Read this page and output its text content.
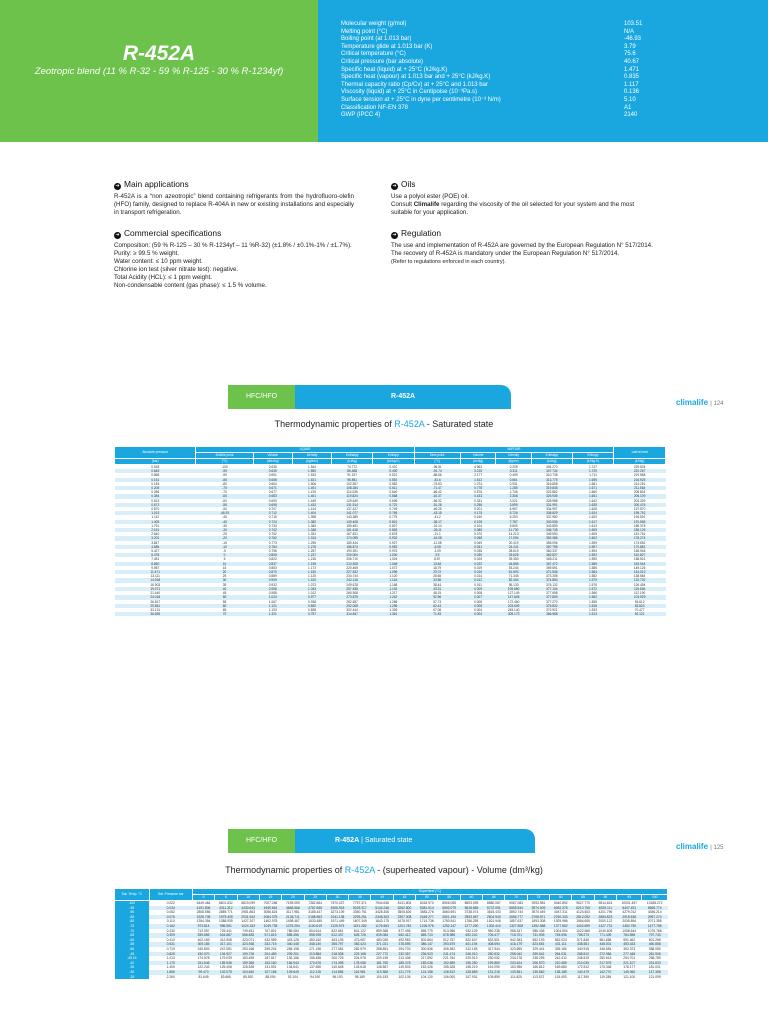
R-452A
Zeotropic blend (11 % R-32 - 59 % R-125 - 30 % R-1234yf)
Molecular weight (g/mol)	103.51
Melting point (°C)	N/A
Boiling point (at 1.013 bar)	-46.93
Temperature glide at 1.013 bar (K)	3.79
Critical temperature (°C)	75.6
Critical pressure (bar absolute)	40.67
Specific heat (liquid) at + 25°C (kJ/kg.K)	1.471
Specific heat (vapour) at 1.013 bar and + 25°C (kJ/kg.K)	0.835
Thermal capacity ratio (Cp/Cv) at + 25°C and 1.013 bar	1.117
Viscosity (liquid) at + 25°C in Centipoise (10⁻³Pa.s)	0.136
Surface tension at + 25°C in dyne per centimetre (10⁻³ N/m)	5.10
Classification NF-EN 378	A1
GWP (IPCC 4)	2140
➜ Main applications

R-452A is a “non azeotropic” blend containing refrigerants from the hydrofluoro-olefin (HFO) family, designed to replace R-404A in new or existing installations and especially in transport refrigeration.

➜ Commercial specifications

Composition: (59 % R-125 – 30 % R-1234yf – 11 %R-32) (±1.8% / ±0.1%-1% / ±1.7%).

Purity: ≥ 99.5 % weight.

Water content: ≤ 10 ppm weight.

Chlorine ion test (silver nitrate test): negative.

Total Acidity (HCL): ≤ 1 ppm weight.

Non-condensable content (gas phase): ≤ 1.5 % volume.

➜ Oils

Use a polyol ester (POE) oil.

Consult Climalife regarding the viscosity of the oil selected for your system and the most suitable for your application.

➜ Regulation

The use and implementation of R-452A are governed by the European Regulation N° 517/2014.

The recovery of R-452A is mandatory under the European Regulation N° 517/2014.

(Refer to regulations enforced in each country).

HFC/HFO	R-452A
climalife | 124
Thermodynamic properties of R-452A - Saturated state
Absolute pressure	LIQUID					VAPOUR					Latent heat
	Bubble point	Volume	Density	Enthalpy	Entropy	Dew point	Volume	Density	Enthalpy	Entropy	
(bar)	(°C)	(dm³/kg)	(kg/dm³)	(kJ/kg)	(kJ/kg.K)	(°C)	(m³/kg)	(kg/m³)	(kJ/kg)	(kJ/kg.K)	(kJ/kg)
0.528	-100	0.636	1.544	74.772	0.437	-96.81	4.962	0.205	304.270	1.747	229.504
0.645	-95	0.645	1.550	85.468	0.490	-91.74	3.215	0.311	307.734	1.729	222.267
0.868	-90	0.651	1.533	91.157	0.521	-86.66	2.177	0.459	310.738	1.711	219.568
0.161	-85	0.658	1.521	96.851	0.552	-81.6	1.512	0.661	313.775	1.695	216.925
0.145	-80	0.664	1.506	102.557	0.582	-76.53	1.074	0.931	316.808	1.681	214.251
0.205	-75	0.671	1.491	108.284	0.611	-71.47	0.778	1.285	319.845	1.671	211.564
0.286	-70	0.677	1.476	114.036	0.640	-66.42	0.576	1.736	322.862	1.660	208.804
0.384	-65	0.683	1.461	119.824	0.668	-61.37	0.433	2.308	325.935	1.651	206.109
0.513	-60	0.690	1.449	125.649	0.696	-56.32	0.331	3.021	328.988	1.642	203.339
0.672	-55	0.698	1.433	131.514	0.722	-51.28	0.256	3.899	331.991	1.635	200.476
0.870	-50	0.707	1.414	137.427	0.749	-46.25	0.201	4.967	334.997	1.626	197.570
1.013	-46.93	0.712	1.404	141.077	0.765	-43.15	0.175	5.726	336.829	1.624	195.752
1.112	-45	0.715	1.398	143.389	0.775	-41.2	0.160	6.253	337.980	1.620	194.591
1.405	-40	0.724	1.382	149.408	0.801	-36.17	0.128	7.787	340.936	1.617	191.556
1.751	-35	0.733	1.365	155.481	0.827	-31.14	0.104	9.600	343.859	1.613	188.378
2.161	-30	0.742	1.348	161.618	0.853	-26.11	0.085	11.730	346.745	1.609	185.126
2.640	-25	0.752	1.331	167.821	0.878	-21.1	0.070	14.213	349.590	1.605	181.761
3.202	-20	0.762	1.313	174.095	0.902	-16.08	0.058	17.094	352.386	1.602	178.274
3.847	-15	0.773	1.295	180.444	0.927	-11.08	0.049	20.419	355.096	1.599	174.652
4.586	-10	0.784	1.276	186.874	0.952	-6.08	0.041	24.241	357.795	1.597	170.881
5.427	-5	0.796	1.257	193.391	0.976	-1.09	0.035	28.619	360.337	1.594	166.946
6.378	0	0.808	1.237	200.000	1.000	3.9	0.030	33.625	362.827	1.592	162.827
7.451	5	0.822	1.216	206.710	1.024	8.87	0.025	39.350	365.211	1.590	158.501
8.650	10	0.837	1.195	213.528	1.048	13.84	0.022	45.855	367.472	1.589	153.944
9.987	15	0.853	1.173	220.465	1.072	18.79	0.019	53.244	369.591	1.586	149.126
11.471	20	0.870	1.150	227.532	1.096	23.72	0.016	61.693	371.545	1.584	144.013
13.111	25	0.889	1.125	234.744	1.120	28.65	0.014	71.345	373.308	1.582	138.564
14.918	30	0.909	1.100	242.118	1.144	33.56	0.012	82.404	374.850	1.579	132.732
16.903	35	0.932	1.073	249.678	1.168	38.44	0.011	95.133	376.132	1.576	126.454
19.071	40	0.958	1.043	257.458	1.192	43.31	0.009	109.880	377.104	1.572	119.646
21.440	45	0.988	1.012	265.508	1.217	48.15	0.008	127.149	377.698	1.566	112.190
24.018	50	1.024	0.977	273.875	1.242	52.96	0.007	147.605	377.805	1.562	103.929
26.817	55	1.067	0.938	282.657	1.268	57.73	0.006	172.460	377.270	1.555	94.612
29.851	60	1.121	0.892	292.008	1.296	62.44	0.005	203.609	375.832	1.546	83.824
33.131	65	1.193	0.838	302.444	1.326	67.06	0.004	245.140	372.921	1.533	70.477
36.659	70	1.321	0.757	314.847	1.361	71.53	0.004	309.173	366.968	1.513	52.121
HFC/HFO	R-452A | Saturated state
climalife | 125
Thermodynamic properties of R-452A - (superheated vapour) - Volume (dm³/kg)
Sat. Temp. °C	Sat. Pressure bar	Superheat (°C)																				
		0	5	10	15	20	25	30	35	40	45	50	55	60	65	70	75	80	85	90	95	100
-100	0.022	6449.464	6601.832	6819.099	7007.266	7195.059	7382.564	7570.027	7757.371	7944.636	8131.804	8318.970	8506.055	8693.095	8880.087	9067.083	9253.981	9440.892	9627.770	9814.624	10001.457	10188.272
-95	0.034	4191.806	4311.312	4430.644	4549.661	4668.566	4787.655	4906.518	5025.317	5144.246	5262.800	5381.514	5500.079	5618.685	5737.091	5855.544	5974.009	6092.375	6210.755	6329.111	6447.451	6565.774
-90	0.052	2808.555	2889.771	2981.863	3056.824	3117.981	3185.447	3273.109	3350.751	3428.308	3505.826	3583.276	3660.691	3738.074	3815.433	3892.744	3970.049	4047.311	4124.503	4201.796	4279.012	4356.214
-85	0.076	1928.705	1979.430	2031.942	2084.375	2136.711	2188.963	2241.138	2293.251	2345.303	2397.308	2449.277	2501.194	2553.087	2604.940	2656.777	2708.571	2760.343	2812.092	2863.823	2915.536	2967.274
-80	0.110	1354.354	1388.939	1427.207	1462.978	1498.467	1533.485	1571.449	1607.349	1643.175	1678.917	1714.736	1750.541	1786.255	1821.948	1857.637	1893.308	1929.966	1964.606	2000.122	2035.894	2071.355
-75	0.162	973.814	996.551	1024.183	1049.735	1075.254	1100.619	1125.973	1151.282	1176.563	1201.781	1226.976	1252.147	1277.290	1302.410	1327.508	1352.588	1377.652	1402.699	1427.731	1452.750	1477.756
-70	0.230	712.057	729.441	749.451	767.801	786.084	804.614	822.661	841.122	859.368	877.495	895.779	913.956	932.109	950.238	968.347	986.436	1004.504	1022.566	1040.609	1058.644	1076.768
-65	0.309	539.856	544.887	558.835	571.815	585.456	598.939	612.337	625.726	639.084	652.412	665.713	678.988	692.242	705.477	718.701	731.905	745.096	758.273	771.439	784.596	797.743
-60	0.410	402.169	412.508	423.071	432.989	443.128	453.162	463.135	473.087	483.039	492.983	502.864	512.757	522.637	532.501	542.353	552.193	562.024	571.846	581.658	591.462	601.268
-55	0.531	309.185	317.101	324.938	332.715	340.448	348.140	355.797	363.423	371.021	378.595	386.147	393.679	401.194	408.694	416.179	423.651	431.111	438.561	446.001	453.433	460.858
-50	0.719	240.803	247.081	253.168	259.204	265.198	271.156	277.081	282.979	288.851	294.703	300.536	306.352	312.155	317.944	323.695	329.441	335.180	340.915	346.654	352.373	358.080
-45	0.825	190.070	194.927	199.726	204.489	209.201	213.884	218.538	223.168	227.772	232.357	236.923	241.474	246.010	250.532	255.042	259.541	264.031	268.512	272.984	277.448	281.906
-45.15	1.013	174.578	179.039	183.459	187.817	192.156	196.455	200.725	204.978	209.199	213.408	217.592	221.764	225.913	230.052	234.178	238.295	242.412	246.519	250.613	254.701	258.785
-40	1.175	151.646	155.536	159.366	163.160	166.944	170.676	174.395	178.088	181.760	185.378	189.038	192.655	196.260	199.860	203.424	206.970	210.489	214.035	217.575	221.107	224.633
-35	1.405	122.243	125.408	128.528	131.591	134.641	137.650	140.648	143.618	146.567	149.503	152.426	155.328	158.219	161.090	163.956	166.812	169.680	172.512	175.348	178.177	181.001
-30	1.856	99.470	102.075	104.640	107.156	109.649	112.115	114.558	116.981	119.388	121.775	124.158	126.512	128.869	131.215	133.551	135.882	138.185	140.479	142.770	145.060	147.358
-25	2.260	81.645	83.665	85.920	88.094	92.104	94.190	96.193	98.189	100.153	102.105	104.120	106.000	107.931	109.859	111.825	113.572	115.493	117.390	119.284	121.100	121.099
